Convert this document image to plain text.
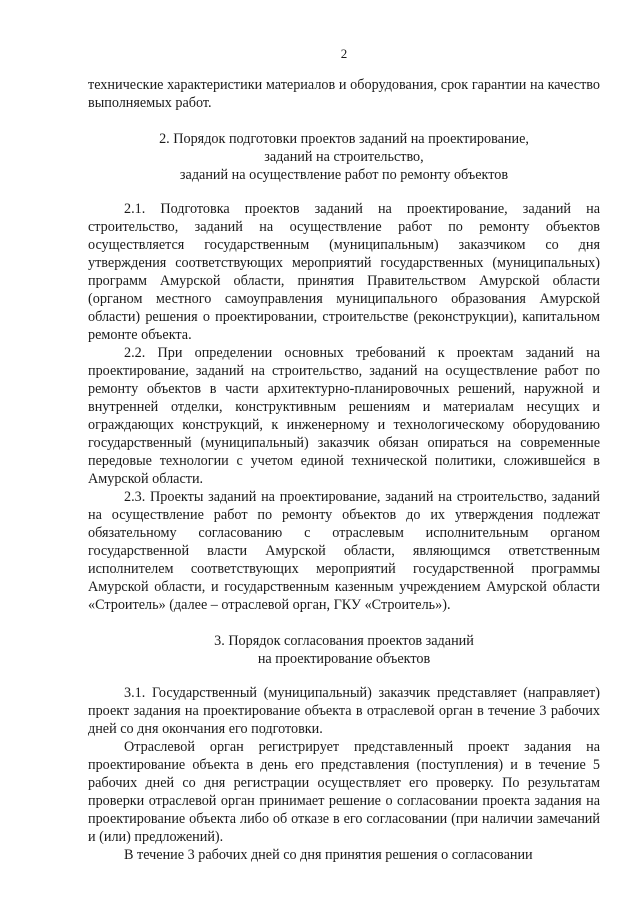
2

технические характеристики материалов и оборудования, срок гарантии на качество выполняемых работ.

2. Порядок подготовки проектов заданий на проектирование,

заданий на строительство,

заданий на осуществление работ по ремонту объектов

2.1. Подготовка проектов заданий на проектирование, заданий на строительство, заданий на осуществление работ по ремонту объектов осуществляется государственным (муниципальным) заказчиком со дня утверждения соответствующих мероприятий государственных (муниципальных) программ Амурской области, принятия Правительством Амурской области (органом местного самоуправления муниципального образования Амурской области) решения о проектировании, строительстве (реконструкции), капитальном ремонте объекта.

2.2. При определении основных требований к проектам заданий на проектирование, заданий на строительство, заданий на осуществление работ по ремонту объектов в части архитектурно-планировочных решений, наружной и внутренней отделки, конструктивным решениям и материалам несущих и ограждающих конструкций, к инженерному и технологическому оборудованию государственный (муниципальный) заказчик обязан опираться на современные передовые технологии с учетом единой технической политики, сложившейся в Амурской области.

2.3. Проекты заданий на проектирование, заданий на строительство, заданий на осуществление работ по ремонту объектов до их утверждения подлежат обязательному согласованию с отраслевым исполнительным органом государственной власти Амурской области, являющимся ответственным исполнителем соответствующих мероприятий государственной программы Амурской области, и государственным казенным учреждением Амурской области «Строитель» (далее – отраслевой орган, ГКУ «Строитель»).

3. Порядок согласования проектов заданий

на проектирование объектов

3.1. Государственный (муниципальный) заказчик представляет (направляет) проект задания на проектирование объекта в отраслевой орган в течение 3 рабочих дней со дня окончания его подготовки.

Отраслевой орган регистрирует представленный проект задания на проектирование объекта в день его представления (поступления) и в течение 5 рабочих дней со дня регистрации осуществляет его проверку. По результатам проверки отраслевой орган принимает решение о согласовании проекта задания на проектирование объекта либо об отказе в его согласовании (при наличии замечаний и (или) предложений).

В течение 3 рабочих дней со дня принятия решения о согласовании
